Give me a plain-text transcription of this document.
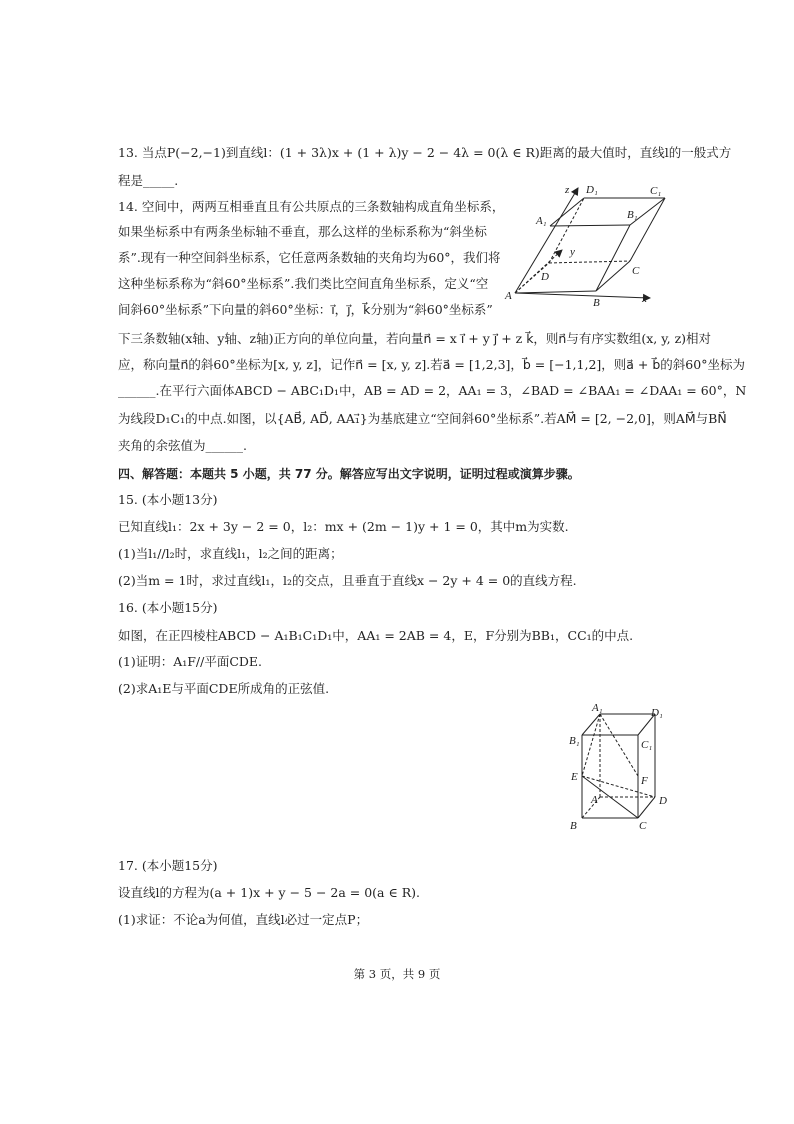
13. 当点P(−2,−1)到直线l：(1 + 3λ)x + (1 + λ)y − 2 − 4λ = 0(λ ∈ R)距离的最大值时，直线l的一般式方
程是_____.
14. 空间中，两两互相垂直且有公共原点的三条数轴构成直角坐标系，
如果坐标系中有两条坐标轴不垂直，那么这样的坐标系称为“斜坐标
系”.现有一种空间斜坐标系，它任意两条数轴的夹角均为60°，我们将
这种坐标系称为“斜60°坐标系”.我们类比空间直角坐标系，定义“空
间斜60°坐标系”下向量的斜60°坐标：i⃗，j⃗，k⃗分别为“斜60°坐标系”
下三条数轴(x轴、y轴、z轴)正方向的单位向量，若向量n⃗ = x i⃗ + y j⃗ + z k⃗，则n⃗与有序实数组(x, y, z)相对
应，称向量n⃗的斜60°坐标为[x, y, z]，记作n⃗ = [x, y, z].若a⃗ = [1,2,3]，b⃗ = [−1,1,2]，则a⃗ + b⃗的斜60°坐标为
______.在平行六面体ABCD − ABC₁D₁中，AB = AD = 2，AA₁ = 3，∠BAD = ∠BAA₁ = ∠DAA₁ = 60°，N
为线段D₁C₁的中点.如图，以{AB⃗, AD⃗, AA₁⃗}为基底建立“空间斜60°坐标系”.若AM⃗ = [2, −2,0]，则AM⃗与BN⃗
夹角的余弦值为______.
z D₁	C₁
A₁	B₁
y
D	C
A
B	x
四、解答题：本题共 5 小题，共 77 分。解答应写出文字说明，证明过程或演算步骤。
15. (本小题13分)
已知直线l₁：2x + 3y − 2 = 0，l₂：mx + (2m − 1)y + 1 = 0，其中m为实数.
(1)当l₁//l₂时，求直线l₁，l₂之间的距离；
(2)当m = 1时，求过直线l₁，l₂的交点，且垂直于直线x − 2y + 4 = 0的直线方程.
16. (本小题15分)
如图，在正四棱柱ABCD − A₁B₁C₁D₁中，AA₁ = 2AB = 4，E，F分别为BB₁，CC₁的中点.
(1)证明：A₁F//平面CDE.
(2)求A₁E与平面CDE所成角的正弦值.
A₁	D₁
B₁	C₁
E	F
A	D
B	C
17. (本小题15分)
设直线l的方程为(a + 1)x + y − 5 − 2a = 0(a ∈ R).
(1)求证：不论a为何值，直线l必过一定点P；
第 3 页，共 9 页
